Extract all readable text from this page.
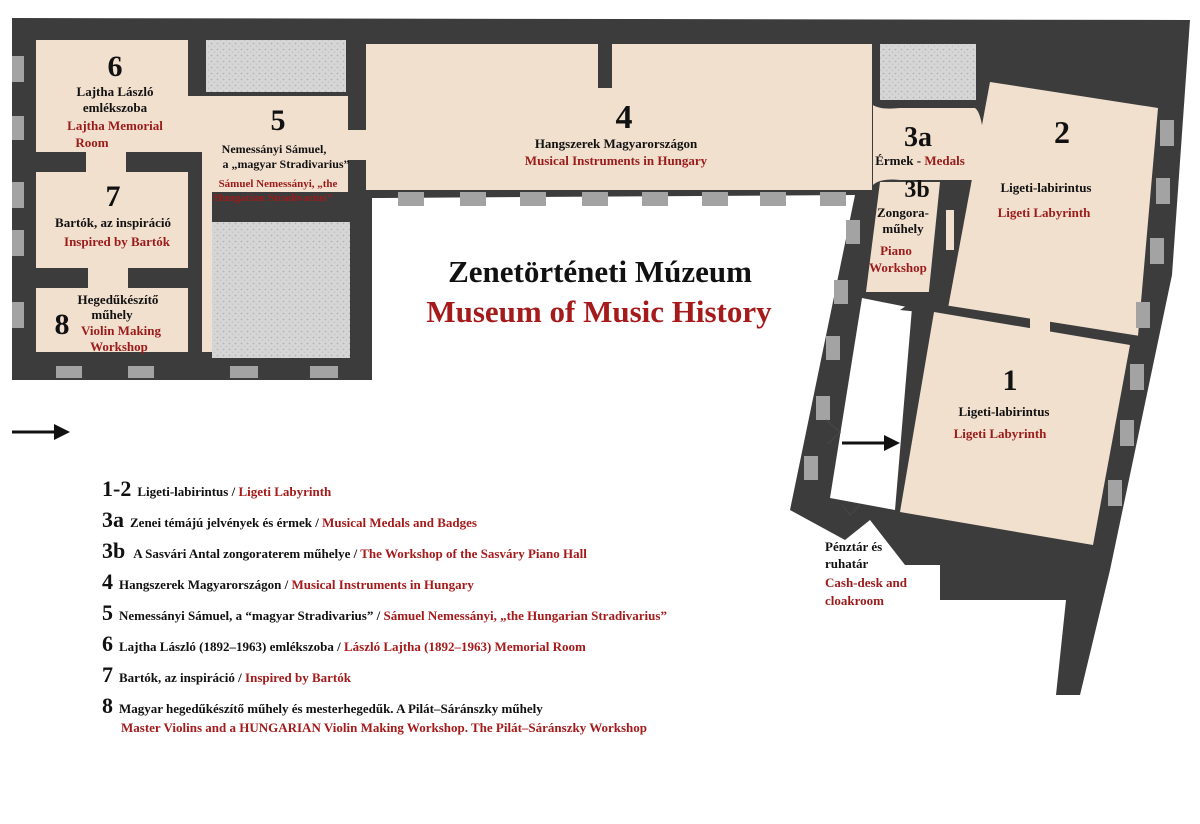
6
Lajtha László
emlékszoba
Lajtha Memorial
Room
5
Nemessányi Sámuel,
a „magyar Stradivarius”
Sámuel Nemessányi, „the
Hungarian Stradivarius”
4
Hangszerek Magyarországon
Musical Instruments in Hungary
3a
Érmek - Medals
3b
Zongora-
műhely
Piano
Workshop
2
Ligeti-labirintus
Ligeti Labyrinth
1
Ligeti-labirintus
Ligeti Labyrinth
7
Bartók, az inspiráció
Inspired by Bartók
8
Hegedűkészítő
műhely
Violin Making
Workshop
Pénztár és
ruhatár
Cash-desk and
cloakroom
Zenetörténeti Múzeum
Museum of Music History
1-2 Ligeti-labirintus / Ligeti Labyrinth
3a Zenei témájú jelvények és érmek / Musical Medals and Badges
3b A Sasvári Antal zongoraterem műhelye / The Workshop of the Sasváry Piano Hall
4 Hangszerek Magyarországon / Musical Instruments in Hungary
5 Nemessányi Sámuel, a “magyar Stradivarius” / Sámuel Nemessányi, „the Hungarian Stradivarius”
6 Lajtha László (1892–1963) emlékszoba / László Lajtha (1892–1963) Memorial Room
7 Bartók, az inspiráció / Inspired by Bartók
8 Magyar hegedűkészítő műhely és mesterhegedűk. A Pilát–Sáránszky műhely
Master Violins and a HUNGARIAN Violin Making Workshop. The Pilát–Sáránszky Workshop
